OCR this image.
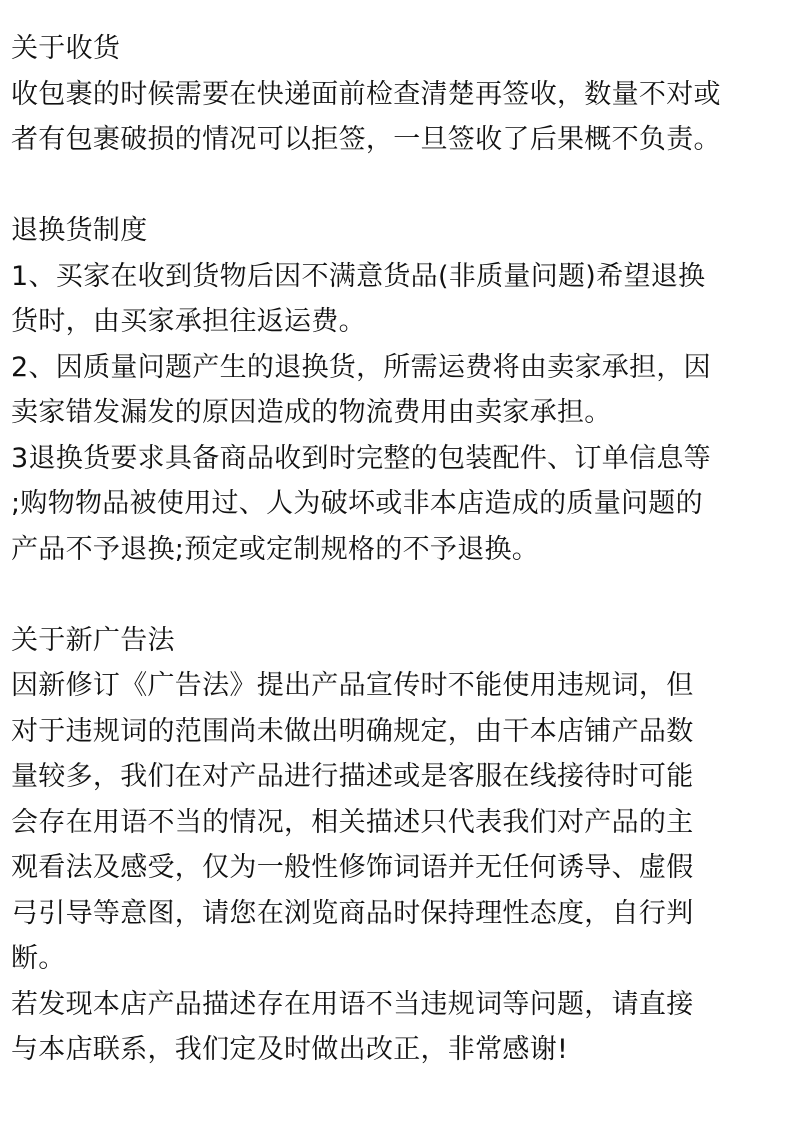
关于收货
收包裹的时候需要在快递面前检查清楚再签收，数量不对或
者有包裹破损的情况可以拒签，一旦签收了后果概不负责。
退换货制度
1、买家在收到货物后因不满意货品(非质量问题)希望退换
货时，由买家承担往返运费。
2、因质量问题产生的退换货，所需运费将由卖家承担，因
卖家错发漏发的原因造成的物流费用由卖家承担。
3退换货要求具备商品收到时完整的包装配件、订单信息等
;购物物品被使用过、人为破坏或非本店造成的质量问题的
产品不予退换;预定或定制规格的不予退换。
关于新广告法
因新修订《广告法》提出产品宣传时不能使用违规词，但
对于违规词的范围尚未做出明确规定，由干本店铺产品数
量较多，我们在对产品进行描述或是客服在线接待时可能
会存在用语不当的情况，相关描述只代表我们对产品的主
观看法及感受，仅为一般性修饰词语并无任何诱导、虚假
弓引导等意图，请您在浏览商品时保持理性态度，自行判
断。
若发现本店产品描述存在用语不当违规词等问题，请直接
与本店联系，我们定及时做出改正，非常感谢!
